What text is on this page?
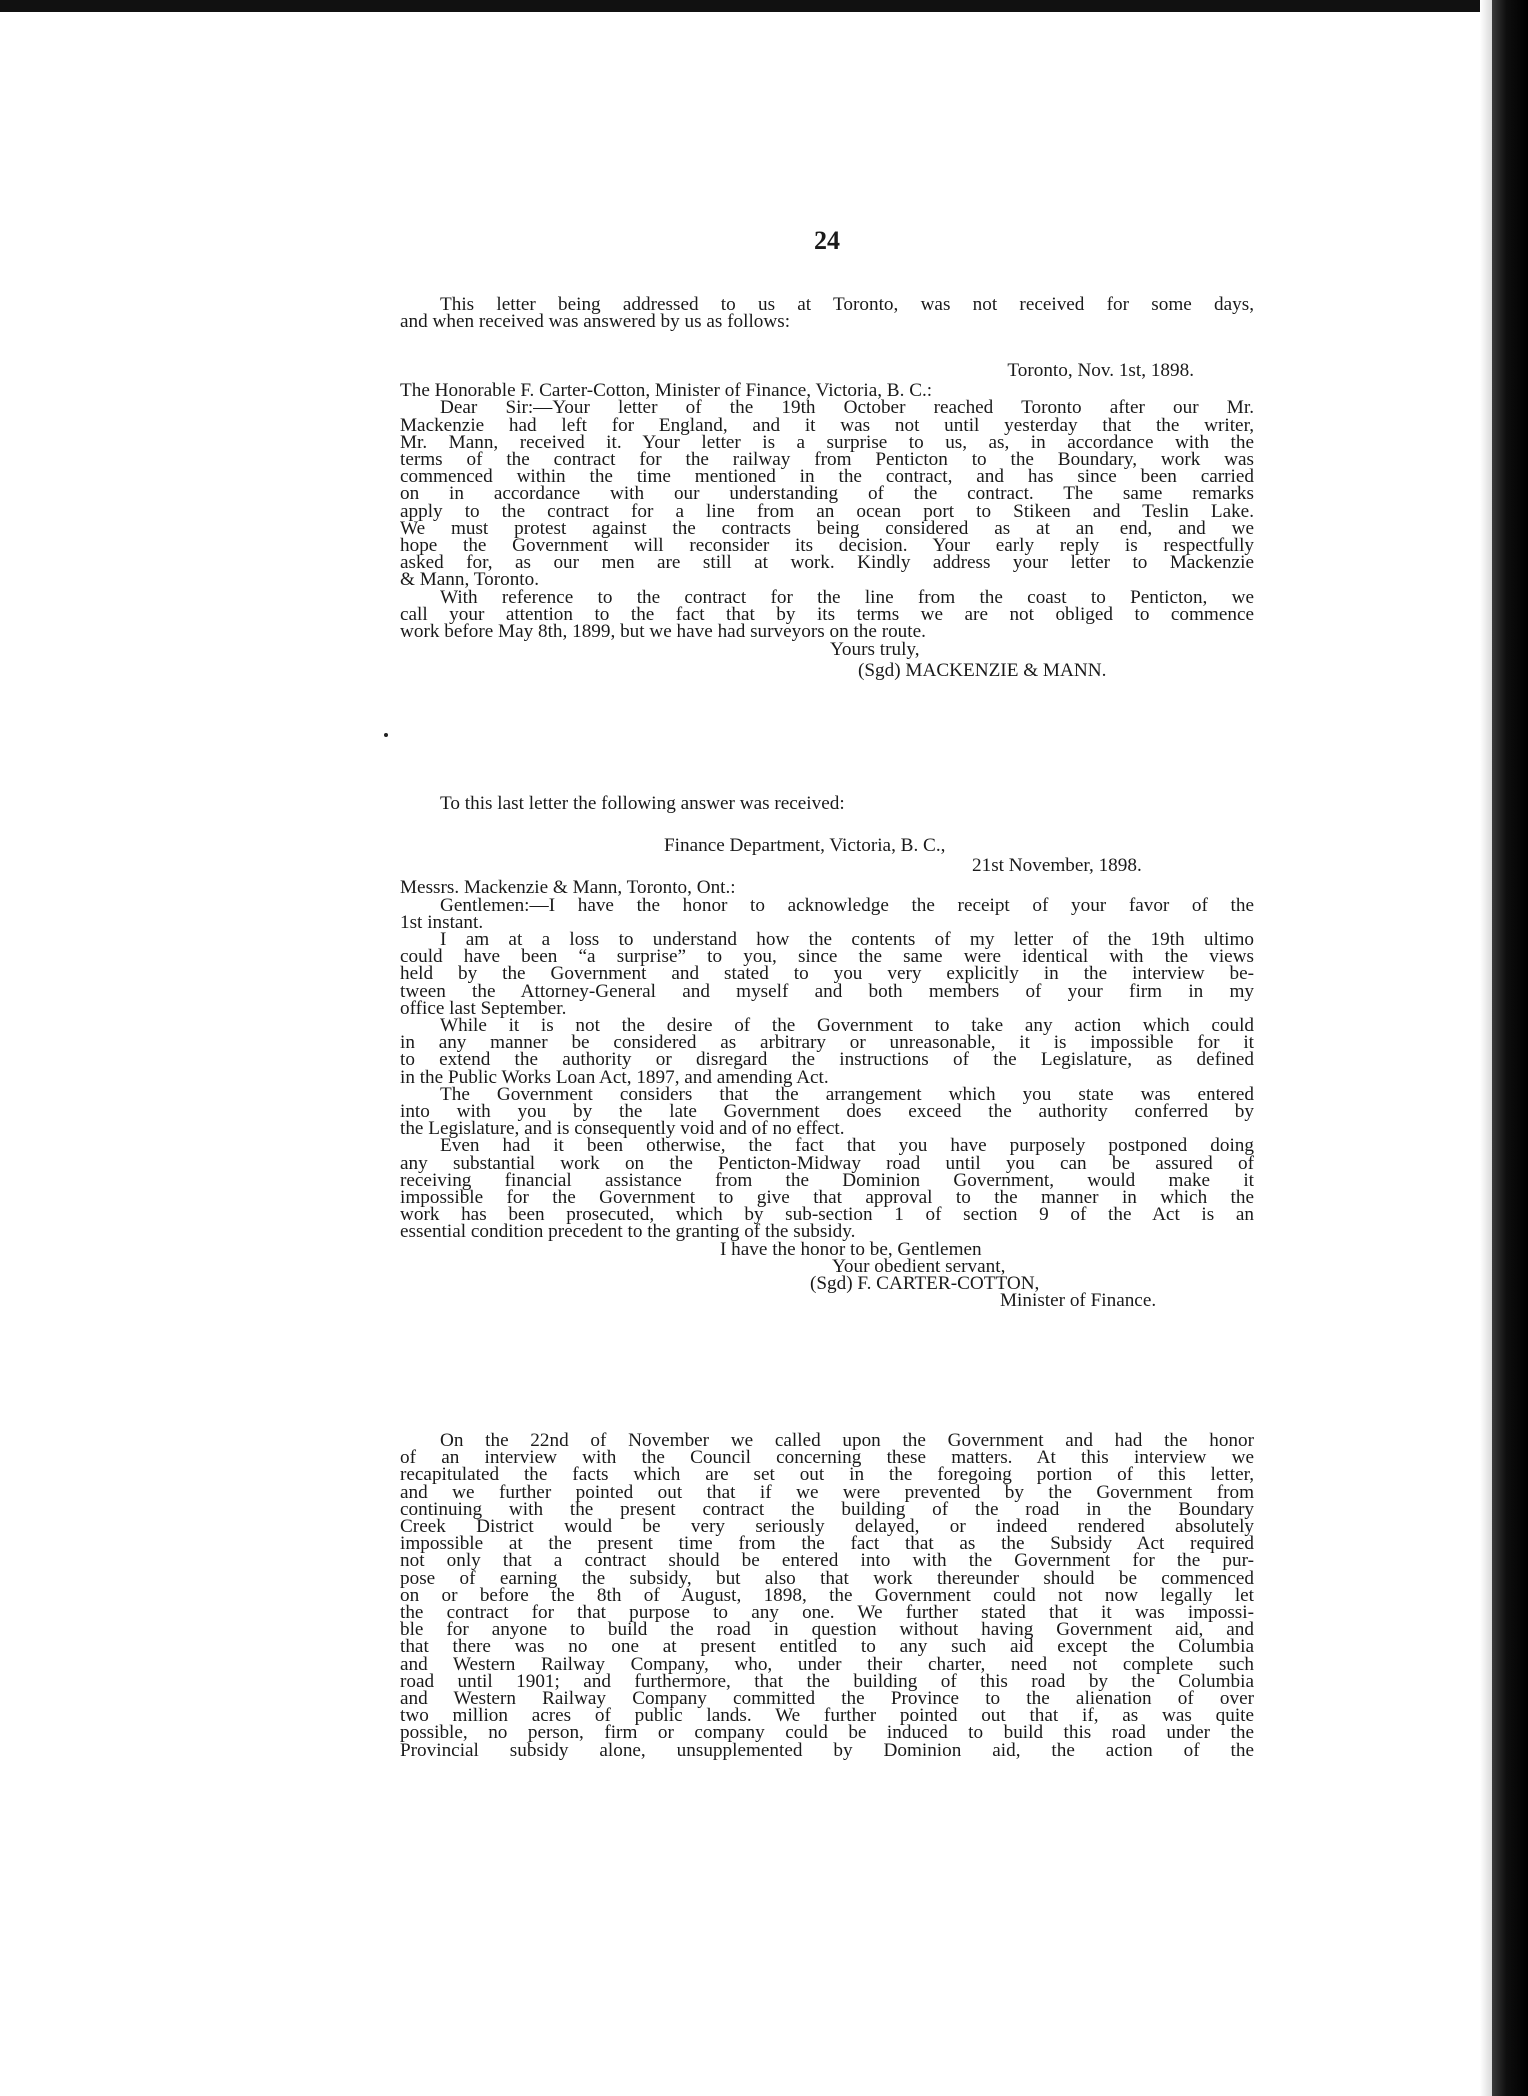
24
This letter being addressed to us at Toronto, was not received for some days,
and when received was answered by us as follows:
Toronto, Nov. 1st, 1898.
The Honorable F. Carter-Cotton, Minister of Finance, Victoria, B. C.:
Dear Sir:—Your letter of the 19th October reached Toronto after our Mr.
Mackenzie had left for England, and it was not until yesterday that the writer,
Mr. Mann, received it. Your letter is a surprise to us, as, in accordance with the
terms of the contract for the railway from Penticton to the Boundary, work was
commenced within the time mentioned in the contract, and has since been carried
on in accordance with our understanding of the contract. The same remarks
apply to the contract for a line from an ocean port to Stikeen and Teslin Lake.
We must protest against the contracts being considered as at an end, and we
hope the Government will reconsider its decision. Your early reply is respectfully
asked for, as our men are still at work. Kindly address your letter to Mackenzie
& Mann, Toronto.
With reference to the contract for the line from the coast to Penticton, we
call your attention to the fact that by its terms we are not obliged to commence
work before May 8th, 1899, but we have had surveyors on the route.
Yours truly,
(Sgd) MACKENZIE & MANN.
To this last letter the following answer was received:
Finance Department, Victoria, B. C.,
21st November, 1898.
Messrs. Mackenzie & Mann, Toronto, Ont.:
Gentlemen:—I have the honor to acknowledge the receipt of your favor of the
1st instant.
I am at a loss to understand how the contents of my letter of the 19th ultimo
could have been “a surprise” to you, since the same were identical with the views
held by the Government and stated to you very explicitly in the interview be-
tween the Attorney-General and myself and both members of your firm in my
office last September.
While it is not the desire of the Government to take any action which could
in any manner be considered as arbitrary or unreasonable, it is impossible for it
to extend the authority or disregard the instructions of the Legislature, as defined
in the Public Works Loan Act, 1897, and amending Act.
The Government considers that the arrangement which you state was entered
into with you by the late Government does exceed the authority conferred by
the Legislature, and is consequently void and of no effect.
Even had it been otherwise, the fact that you have purposely postponed doing
any substantial work on the Penticton-Midway road until you can be assured of
receiving financial assistance from the Dominion Government, would make it
impossible for the Government to give that approval to the manner in which the
work has been prosecuted, which by sub-section 1 of section 9 of the Act is an
essential condition precedent to the granting of the subsidy.
I have the honor to be, Gentlemen
Your obedient servant,
(Sgd) F. CARTER-COTTON,
Minister of Finance.
On the 22nd of November we called upon the Government and had the honor
of an interview with the Council concerning these matters. At this interview we
recapitulated the facts which are set out in the foregoing portion of this letter,
and we further pointed out that if we were prevented by the Government from
continuing with the present contract the building of the road in the Boundary
Creek District would be very seriously delayed, or indeed rendered absolutely
impossible at the present time from the fact that as the Subsidy Act required
not only that a contract should be entered into with the Government for the pur-
pose of earning the subsidy, but also that work thereunder should be commenced
on or before the 8th of August, 1898, the Government could not now legally let
the contract for that purpose to any one. We further stated that it was impossi-
ble for anyone to build the road in question without having Government aid, and
that there was no one at present entitled to any such aid except the Columbia
and Western Railway Company, who, under their charter, need not complete such
road until 1901; and furthermore, that the building of this road by the Columbia
and Western Railway Company committed the Province to the alienation of over
two million acres of public lands. We further pointed out that if, as was quite
possible, no person, firm or company could be induced to build this road under the
Provincial subsidy alone, unsupplemented by Dominion aid, the action of the
